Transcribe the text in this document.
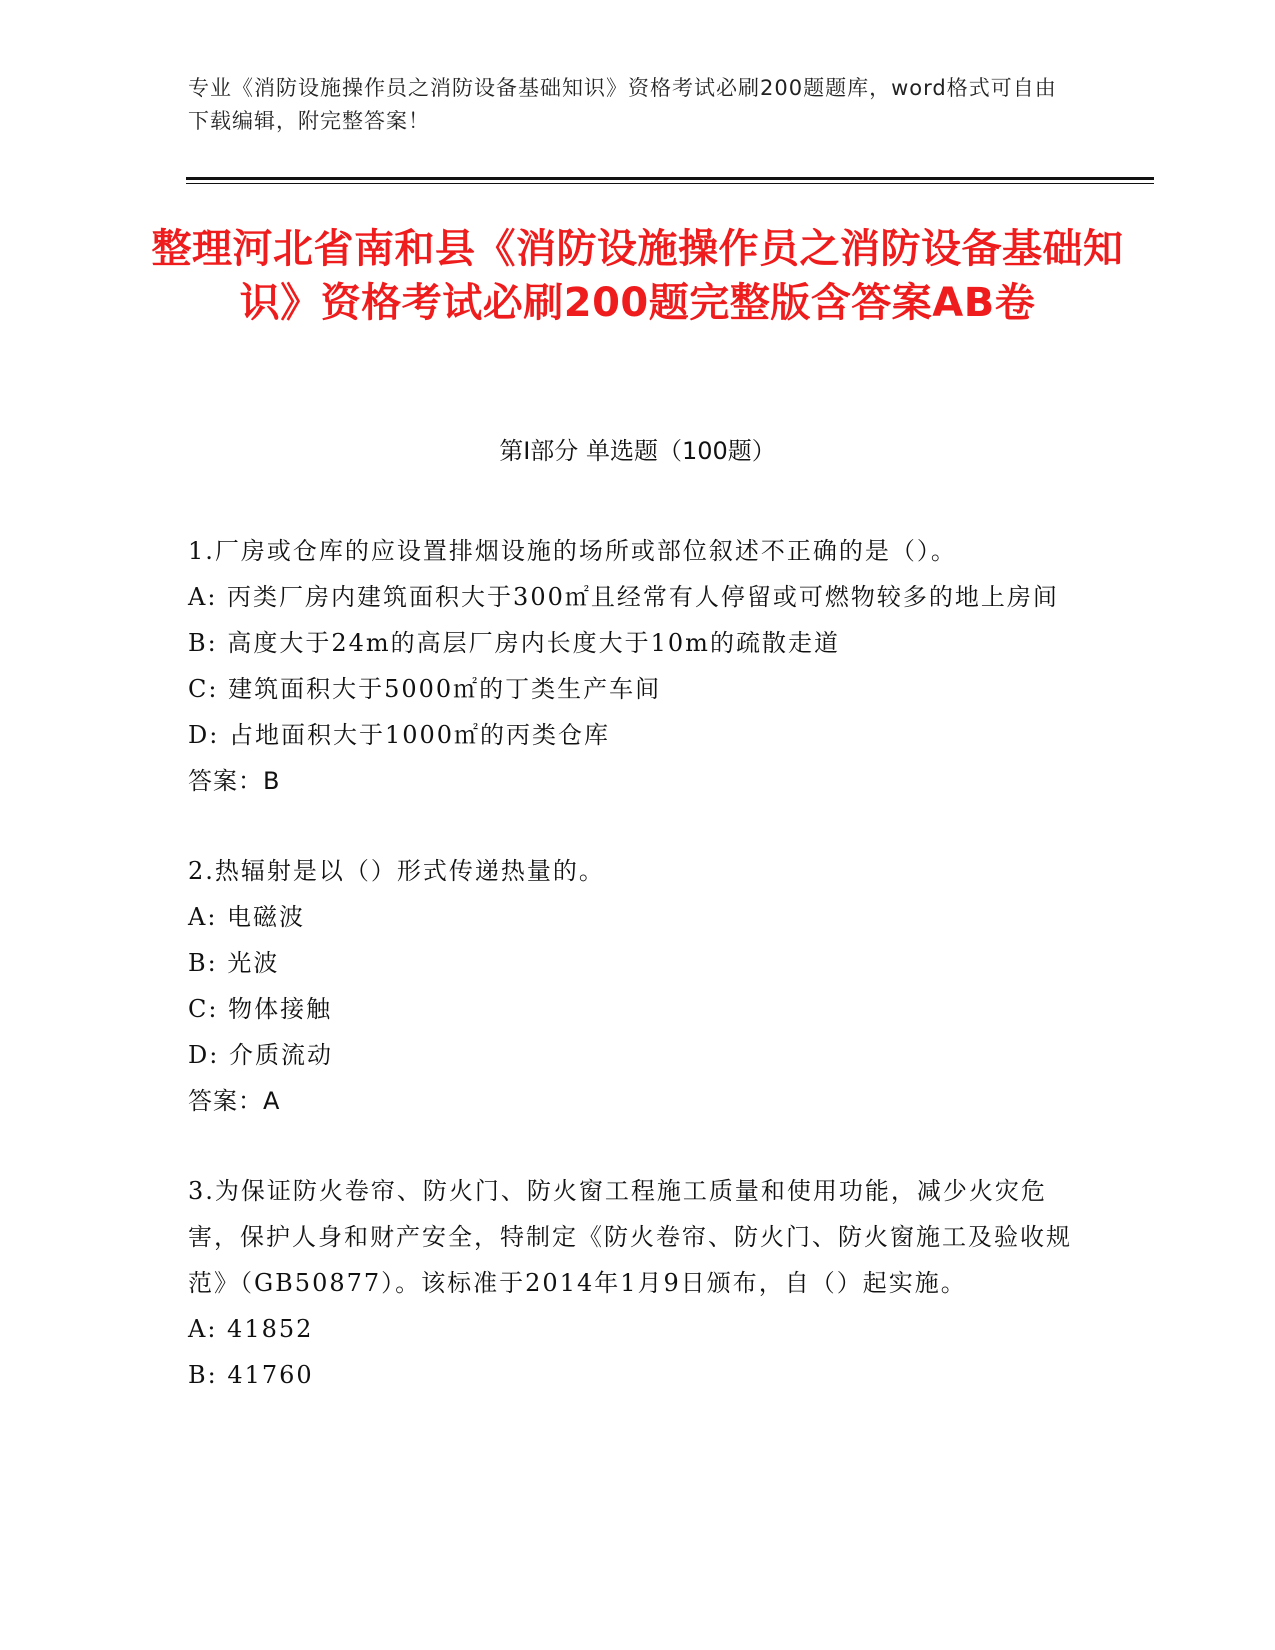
专业《消防设施操作员之消防设备基础知识》资格考试必刷200题题库，word格式可自由下载编辑，附完整答案！
整理河北省南和县《消防设施操作员之消防设备基础知识》资格考试必刷200题完整版含答案AB卷
第Ⅰ部分 单选题（100题）
1.厂房或仓库的应设置排烟设施的场所或部位叙述不正确的是（）。
A: 丙类厂房内建筑面积大于300㎡且经常有人停留或可燃物较多的地上房间
B: 高度大于24m的高层厂房内长度大于10m的疏散走道
C: 建筑面积大于5000㎡的丁类生产车间
D: 占地面积大于1000㎡的丙类仓库
答案：B
2.热辐射是以（）形式传递热量的。
A: 电磁波
B: 光波
C: 物体接触
D: 介质流动
答案：A
3.为保证防火卷帘、防火门、防火窗工程施工质量和使用功能，减少火灾危害，保护人身和财产安全，特制定《防火卷帘、防火门、防火窗施工及验收规范》（GB50877）。该标准于2014年1月9日颁布，自（）起实施。
A: 41852
B: 41760
